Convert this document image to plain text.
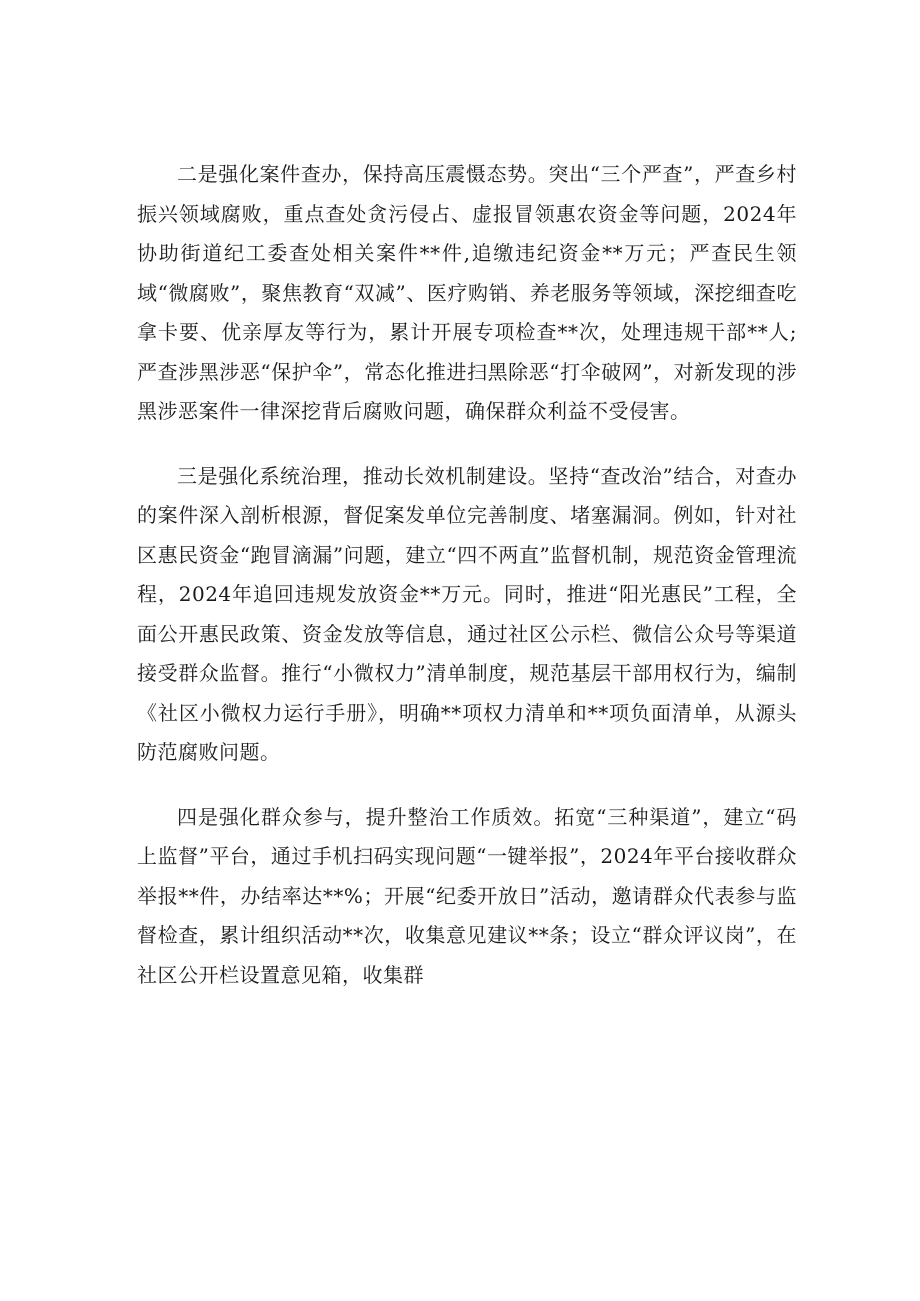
二是强化案件查办，保持高压震慑态势。突出“三个严查”，严查乡村振兴领域腐败，重点查处贪污侵占、虚报冒领惠农资金等问题，2024年协助街道纪工委查处相关案件**件,追缴违纪资金**万元；严查民生领域“微腐败”，聚焦教育“双减”、医疗购销、养老服务等领域，深挖细查吃拿卡要、优亲厚友等行为，累计开展专项检查**次，处理违规干部**人;严查涉黑涉恶“保护伞”，常态化推进扫黑除恶“打伞破网”，对新发现的涉黑涉恶案件一律深挖背后腐败问题，确保群众利益不受侵害。

三是强化系统治理，推动长效机制建设。坚持“查改治”结合，对查办的案件深入剖析根源，督促案发单位完善制度、堵塞漏洞。例如，针对社区惠民资金“跑冒滴漏”问题，建立“四不两直”监督机制，规范资金管理流程，2024年追回违规发放资金**万元。同时，推进“阳光惠民”工程，全面公开惠民政策、资金发放等信息，通过社区公示栏、微信公众号等渠道接受群众监督。推行“小微权力”清单制度，规范基层干部用权行为，编制《社区小微权力运行手册》，明确**项权力清单和**项负面清单，从源头防范腐败问题。

四是强化群众参与，提升整治工作质效。拓宽“三种渠道”，建立“码上监督”平台，通过手机扫码实现问题“一键举报”，2024年平台接收群众举报**件，办结率达**%；开展“纪委开放日”活动，邀请群众代表参与监督检查，累计组织活动**次，收集意见建议**条；设立“群众评议岗”，在社区公开栏设置意见箱，收集群
